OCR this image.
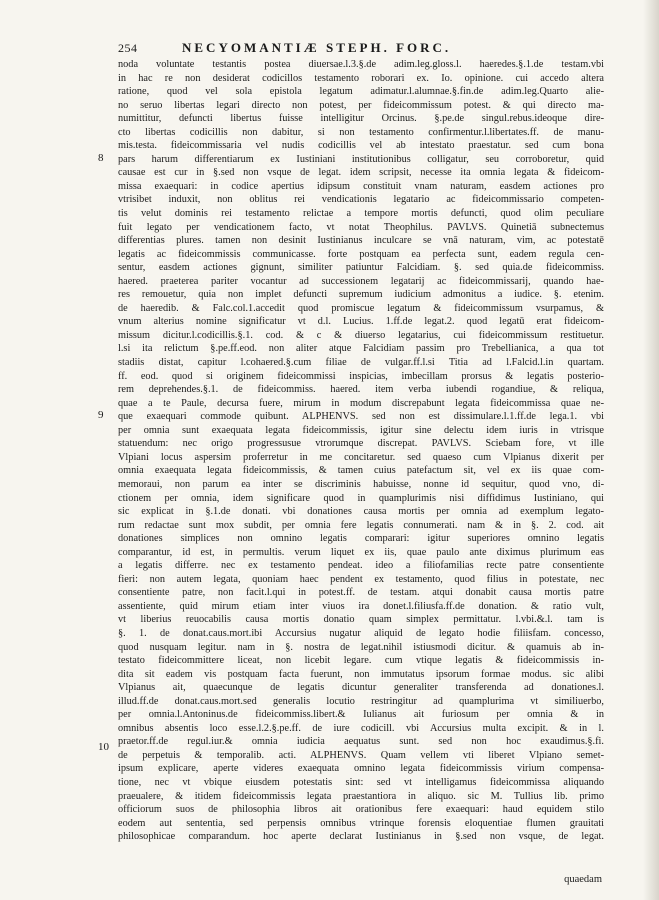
254	NECYOMANTIÆ STEPH. FORC.
8
9
10
noda voluntate testantis postea diuersae.l.3.§.de adim.leg.gloss.l. haeredes.§.1.de testam.vbi
in hac re non desiderat codicillos testamento roborari ex. Io. opinione. cui accedo altera
ratione, quod vel sola epistola legatum adimatur.l.alumnae.§.fin.de adim.leg.Quarto alie-
no seruo libertas legari directo non potest, per fideicommissum potest. & qui directo ma-
numittitur, defuncti libertus fuisse intelligitur Orcinus. §.pe.de singul.rebus.ideoque dire-
cto libertas codicillis non dabitur, si non testamento confirmentur.l.libertates.ff. de manu-
mis.testa. fideicommissaria vel nudis codicillis vel ab intestato praestatur. sed cum bona
pars harum differentiarum ex Iustiniani institutionibus colligatur, seu corroboretur, quid
causae est cur in §.sed non vsque de legat. idem scripsit, necesse ita omnia legata & fideicom-
missa exaequari: in codice apertius idipsum constituit vnam naturam, easdem actiones pro
vtrisibet induxit, non oblitus rei vendicationis legatario ac fideicommissario competen-
tis velut dominis rei testamento relictae a tempore mortis defuncti, quod olim peculiare
fuit legato per vendicationem facto, vt notat Theophilus. PAVLVS. Quinetiā subnectemus
differentias plures. tamen non desinit Iustinianus inculcare se vnā naturam, vim, ac potestatē
legatis ac fideicommissis communicasse. forte postquam ea perfecta sunt, eadem regula cen-
sentur, easdem actiones gignunt, similiter patiuntur Falcidiam. §. sed quia.de fideicommiss.
haered. praeterea pariter vocantur ad successionem legatarij ac fideicommissarij, quando hae-
res remouetur, quia non implet defuncti supremum iudicium admonitus a iudice. §. etenim.
de haeredib. & Falc.col.1.accedit quod promiscue legatum & fideicommissum vsurpamus, &
vnum alterius nomine significatur vt d.l. Lucius. 1.ff.de legat.2. quod legatū erat fideicom-
missum dicitur.l.codicillis.§.1. cod. & c & diuerso legatarius, cui fideicommissum restituetur.
l.si ita relictum §.pe.ff.eod. non aliter atque Falcidiam passim pro Trebellianica, a qua tot
stadiis distat, capitur l.cohaered.§.cum filiae de vulgar.ff.l.si Titia ad l.Falcid.l.in quartam.
ff. eod. quod si originem fideicommissi inspicias, imbecillam prorsus & legatis posterio-
rem deprehendes.§.1. de fideicommiss. haered. item verba iubendi rogandiue, & reliqua,
quae a te Paule, decursa fuere, mirum in modum discrepabunt legata fideicommissa quae ne-
que exaequari commode quibunt. ALPHENVS. sed non est dissimulare.l.1.ff.de lega.1. vbi
per omnia sunt exaequata legata fideicommissis, igitur sine delectu idem iuris in vtrisque
statuendum: nec origo progressusue vtrorumque discrepat. PAVLVS. Sciebam fore, vt ille
Vlpiani locus aspersim proferretur in me concitaretur. sed quaeso cum Vlpianus dixerit per
omnia exaequata legata fideicommissis, & tamen cuius patefactum sit, vel ex iis quae com-
memoraui, non parum ea inter se discriminis habuisse, nonne id sequitur, quod vno, di-
ctionem per omnia, idem significare quod in quamplurimis nisi diffidimus Iustiniano, qui
sic explicat in §.1.de donati. vbi donationes causa mortis per omnia ad exemplum legato-
rum redactae sunt mox subdit, per omnia fere legatis connumerati. nam & in §. 2. cod. ait
donationes simplices non omnino legatis comparari: igitur superiores omnino legatis
comparantur, id est, in permultis. verum liquet ex iis, quae paulo ante diximus plurimum eas
a legatis differre. nec ex testamento pendeat. ideo a filiofamilias recte patre consentiente
fieri: non autem legata, quoniam haec pendent ex testamento, quod filius in potestate, nec
consentiente patre, non facit.l.qui in potest.ff. de testam. atqui donabit causa mortis patre
assentiente, quid mirum etiam inter viuos ira donet.l.filiusfa.ff.de donation. & ratio vult,
vt liberius reuocabilis causa mortis donatio quam simplex permittatur. l.vbi.&.l. tam is
§. 1. de donat.caus.mort.ibi Accursius nugatur aliquid de legato hodie filiisfam. concesso,
quod nusquam legitur. nam in §. nostra de legat.nihil istiusmodi dicitur. & quamuis ab in-
testato fideicommittere liceat, non licebit legare. cum vtique legatis & fideicommissis in-
dita sit eadem vis postquam facta fuerunt, non immutatus ipsorum formae modus. sic alibi
Vlpianus ait, quaecunque de legatis dicuntur generaliter transferenda ad donationes.l.
illud.ff.de donat.caus.mort.sed generalis locutio restringitur ad quamplurima vt similiuerbo,
per omnia.l.Antoninus.de fideicommiss.libert.& Iulianus ait furiosum per omnia & in
omnibus absentis loco esse.l.2.§.pe.ff. de iure codicill. vbi Accursius multa excipit. & in l.
praetor.ff.de regul.iur.& omnia iudicia aequatus sunt. sed non hoc exaudimus.§.fi.
de perpetuis & temporalib. acti. ALPHENVS. Quam vellem vti liberet Vlpiano semet-
ipsum explicare, aperte videres exaequata omnino legata fideicommissis virium compensa-
tione, nec vt vbique eiusdem potestatis sint: sed vt intelligamus fideicommissa aliquando
praeualere, & itidem fideicommissis legata praestantiora in aliquo. sic M. Tullius lib. primo
officiorum suos de philosophia libros ait orationibus fere exaequari: haud equidem stilo
eodem aut sententia, sed perpensis omnibus vtrinque forensis eloquentiae flumen grauitati
philosophicae comparandum. hoc aperte declarat Iustinianus in §.sed non vsque, de legat.
quaedam
